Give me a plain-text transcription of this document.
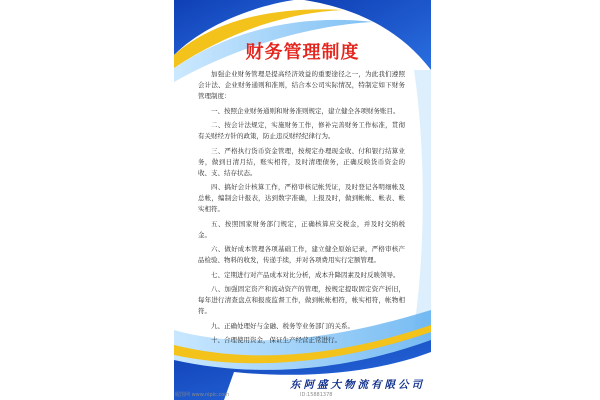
财务管理制度

加强企业财务管理是提高经济效益的重要途径之一，为此我们遵照会计法、企业财务通则和准则，结合本公司实际情况，特制定如下财务管理制度：

一、按照企业财务通则和财务准则规定，建立健全各项财务账目。

二、按会计法规定，实施财务工作，修补完善财务工作标准，贯彻有关财经方针的政策，防止违反财经纪律行为。

三、严格执行货币资金管理，按规定办理现金收、付和银行结算业务，做到日清月结，账实相符，及时清理债务，正确反映货币资金的收、支、结存状态。

四、搞好会计核算工作，严格审核记帐凭证，及时登记各明细帐及总帐，编制会计报表，达到数字准确，上报及时，做到帐帐、帐表、帐实相符。

五、按照国家财务部门规定，正确核算应交税金，并及时交纳税金。

六、做好成本管理各项基础工作，建立健全原始记录，严格审核产品检验、物料的收发，传递手续，并对各项费用实行定额管理。

七、定期进行对产品成本对比分析，成本升降因素及时反映领导。

八、加强固定资产和流动资产的管理，按规定提取固定资产折旧，每年进行清查盘点和报废监督工作，做到帐帐相符，帐实相符，帐物相符。

九、正确处理好与金融、税务等业务部门的关系。

十、合理使用资金，保证生产经营正常进行。

东阿盛大物流有限公司
昵图网 www.nipic.com	ID:15881378
